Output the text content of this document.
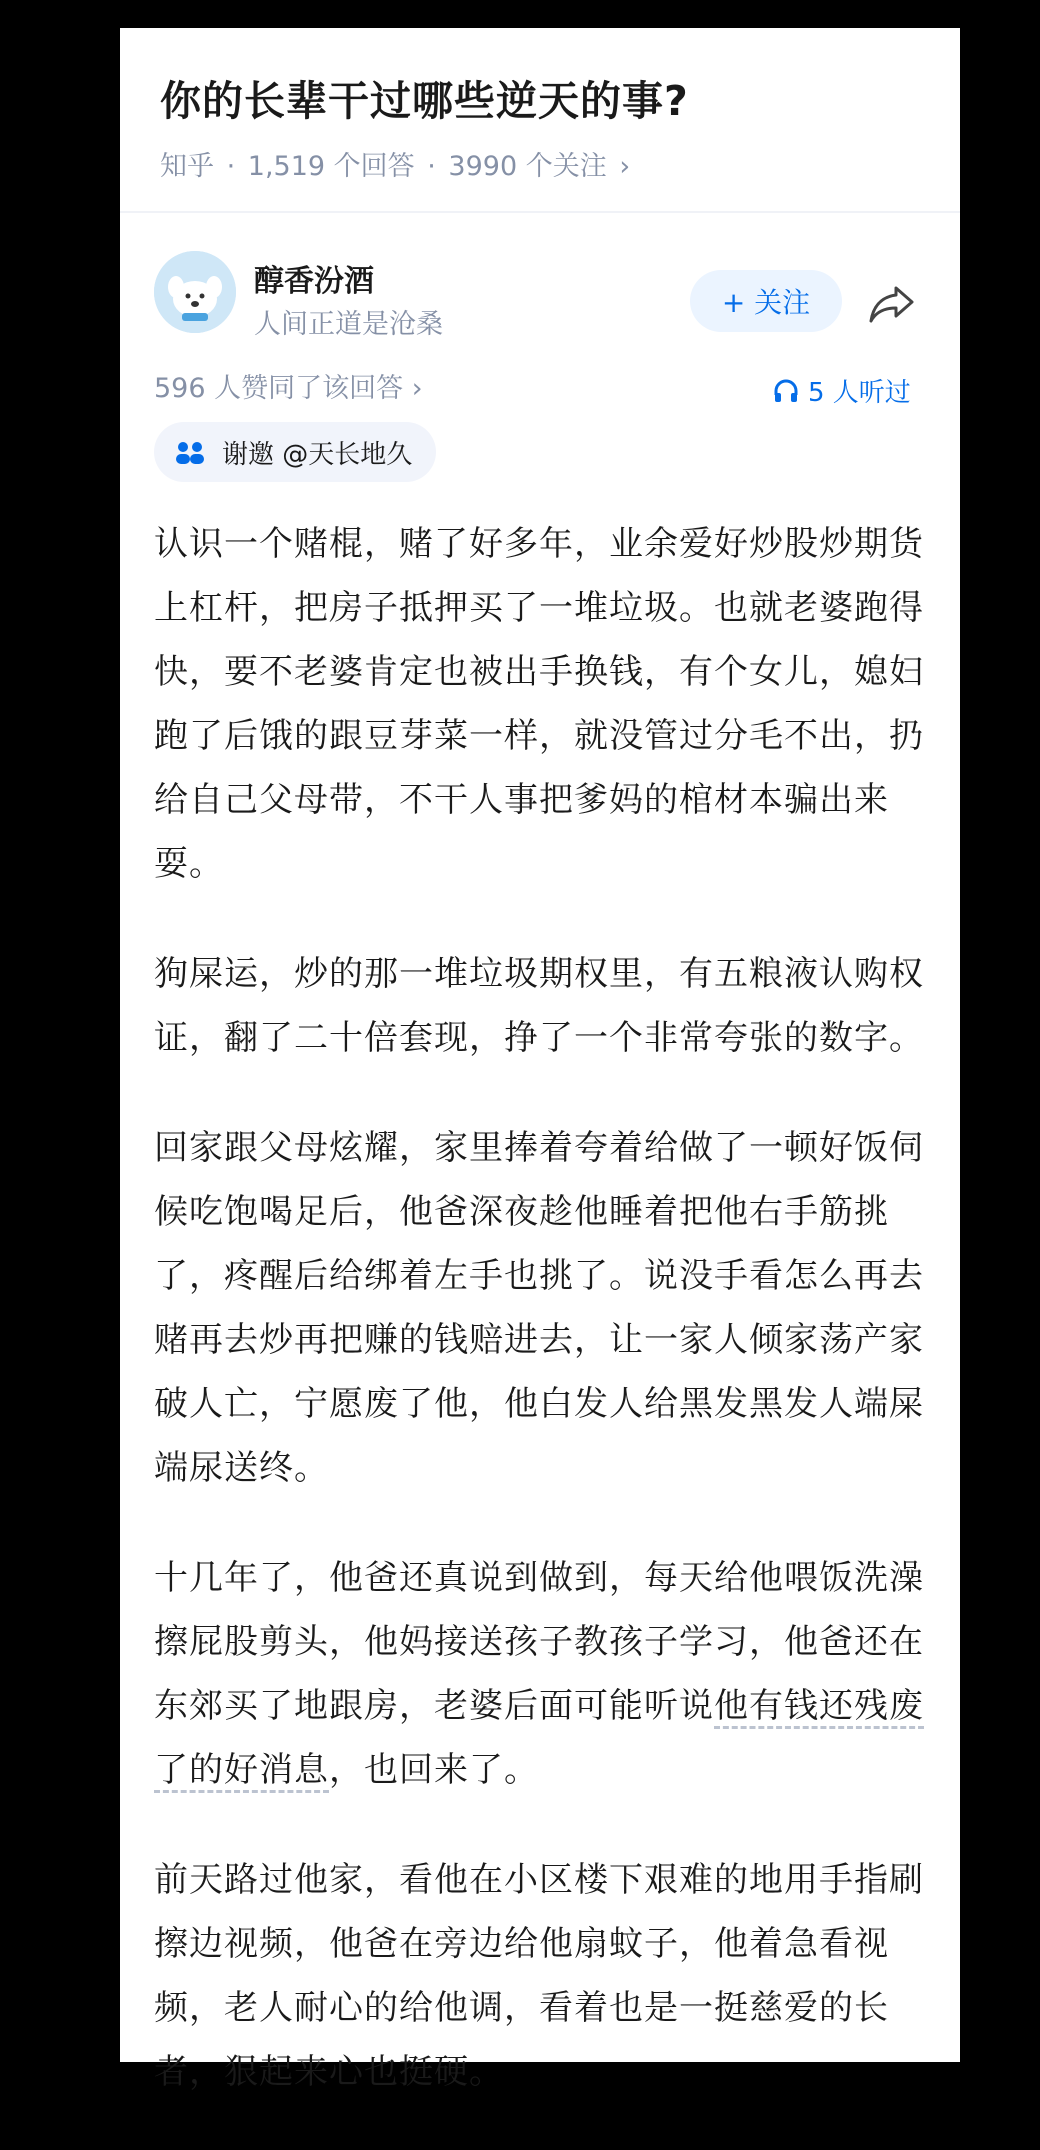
你的长辈干过哪些逆天的事?
知乎 · 1,519 个回答 · 3990 个关注 ›
醇香汾酒
人间正道是沧桑
+ 关注
596 人赞同了该回答 ›	5 人听过
谢邀 @天长地久

认识一个赌棍，赌了好多年，业余爱好炒股炒期货上杠杆，把房子抵押买了一堆垃圾。也就老婆跑得快，要不老婆肯定也被出手换钱，有个女儿，媳妇跑了后饿的跟豆芽菜一样，就没管过分毛不出，扔给自己父母带，不干人事把爹妈的棺材本骗出来耍。

狗屎运，炒的那一堆垃圾期权里，有五粮液认购权证，翻了二十倍套现，挣了一个非常夸张的数字。

回家跟父母炫耀，家里捧着夸着给做了一顿好饭伺候吃饱喝足后，他爸深夜趁他睡着把他右手筋挑了，疼醒后给绑着左手也挑了。说没手看怎么再去赌再去炒再把赚的钱赔进去，让一家人倾家荡产家破人亡，宁愿废了他，他白发人给黑发黑发人端屎端尿送终。

十几年了，他爸还真说到做到，每天给他喂饭洗澡擦屁股剪头，他妈接送孩子教孩子学习，他爸还在东郊买了地跟房，老婆后面可能听说他有钱还残废了的好消息，也回来了。

前天路过他家，看他在小区楼下艰难的地用手指刷擦边视频，他爸在旁边给他扇蚊子，他着急看视频，老人耐心的给他调，看着也是一挺慈爱的长者，狠起来心也挺硬。
